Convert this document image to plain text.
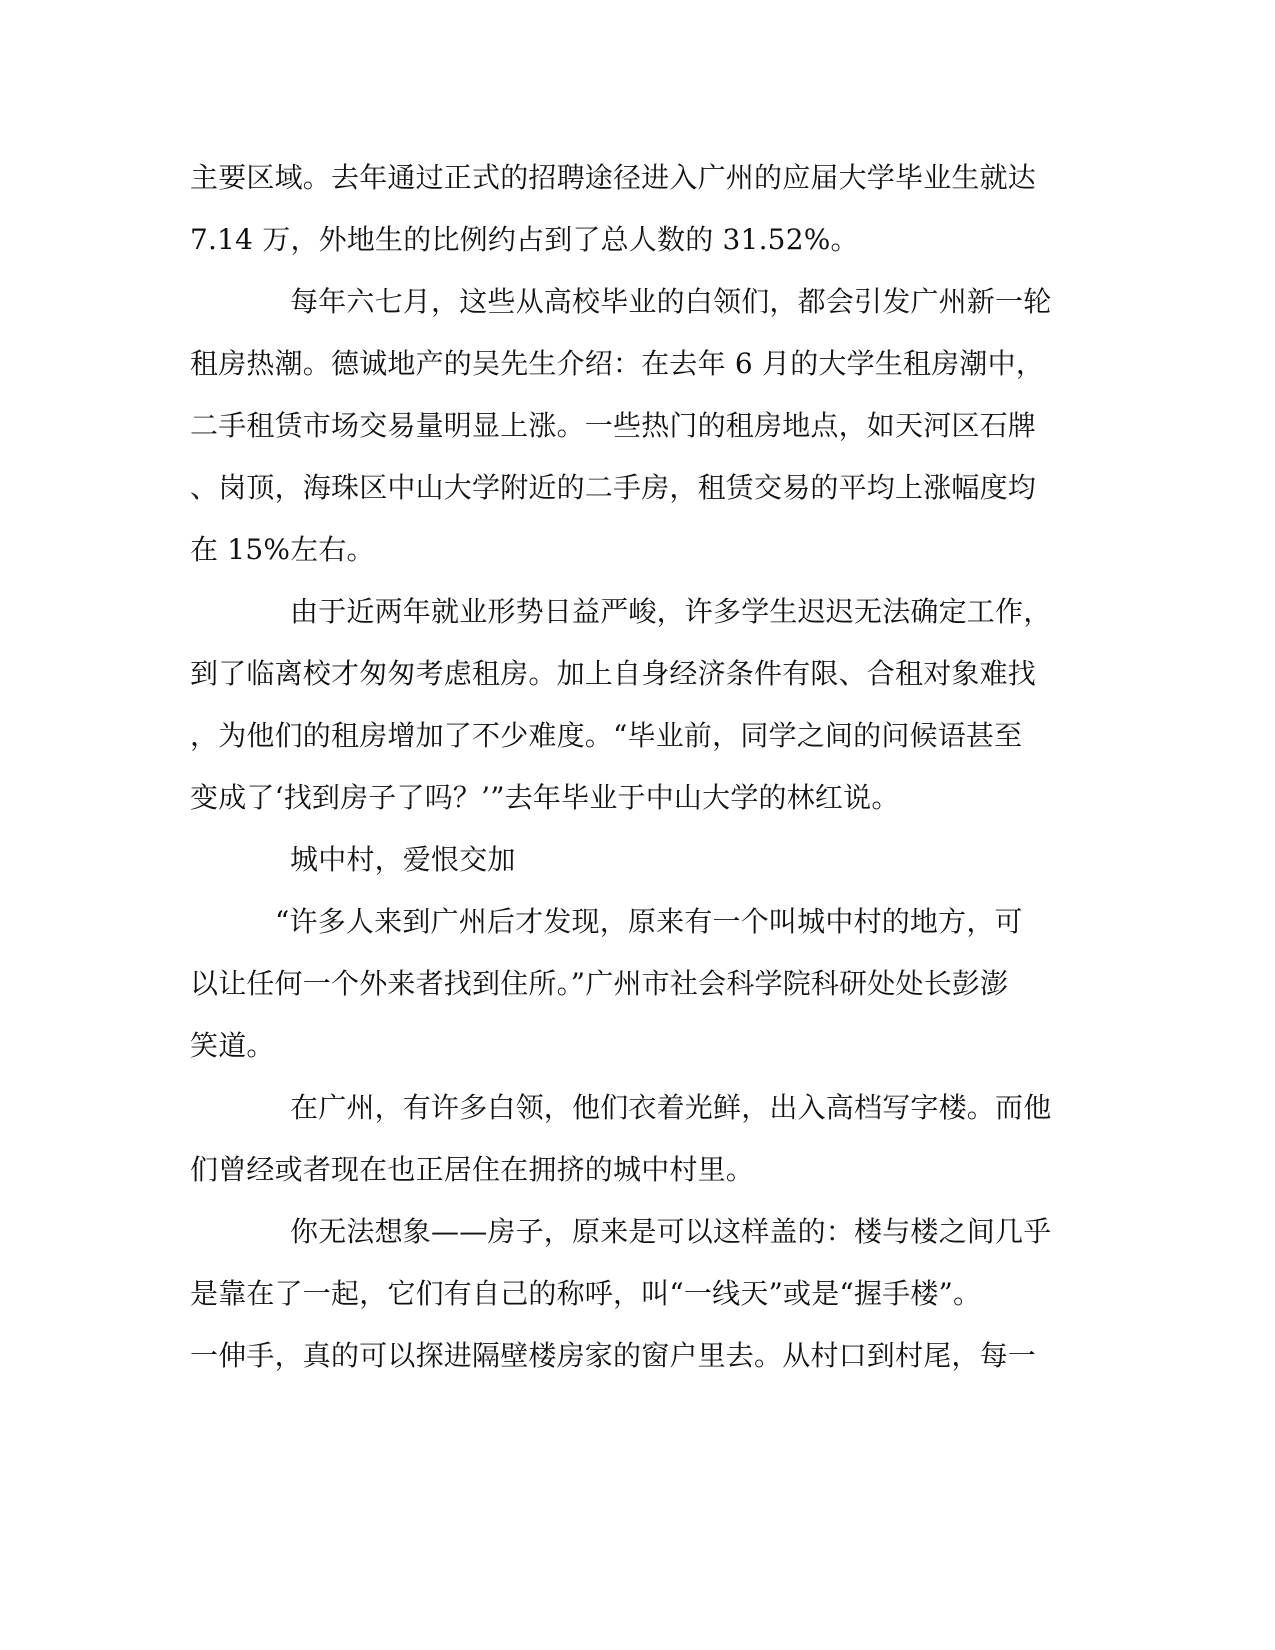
主要区域。去年通过正式的招聘途径进入广州的应届大学毕业生就达
7.14 万，外地生的比例约占到了总人数的 31.52%。
每年六七月，这些从高校毕业的白领们，都会引发广州新一轮
租房热潮。德诚地产的吴先生介绍：在去年 6 月的大学生租房潮中，
二手租赁市场交易量明显上涨。一些热门的租房地点，如天河区石牌
、岗顶，海珠区中山大学附近的二手房，租赁交易的平均上涨幅度均
在 15%左右。
由于近两年就业形势日益严峻，许多学生迟迟无法确定工作，
到了临离校才匆匆考虑租房。加上自身经济条件有限、合租对象难找
，为他们的租房增加了不少难度。“毕业前，同学之间的问候语甚至
变成了‘找到房子了吗？’”去年毕业于中山大学的林红说。
城中村，爱恨交加
“许多人来到广州后才发现，原来有一个叫城中村的地方，可
以让任何一个外来者找到住所。”广州市社会科学院科研处处长彭澎
笑道。
在广州，有许多白领，他们衣着光鲜，出入高档写字楼。而他
们曾经或者现在也正居住在拥挤的城中村里。
你无法想象——房子，原来是可以这样盖的：楼与楼之间几乎
是靠在了一起，它们有自己的称呼，叫“一线天”或是“握手楼”。
一伸手，真的可以探进隔壁楼房家的窗户里去。从村口到村尾，每一
